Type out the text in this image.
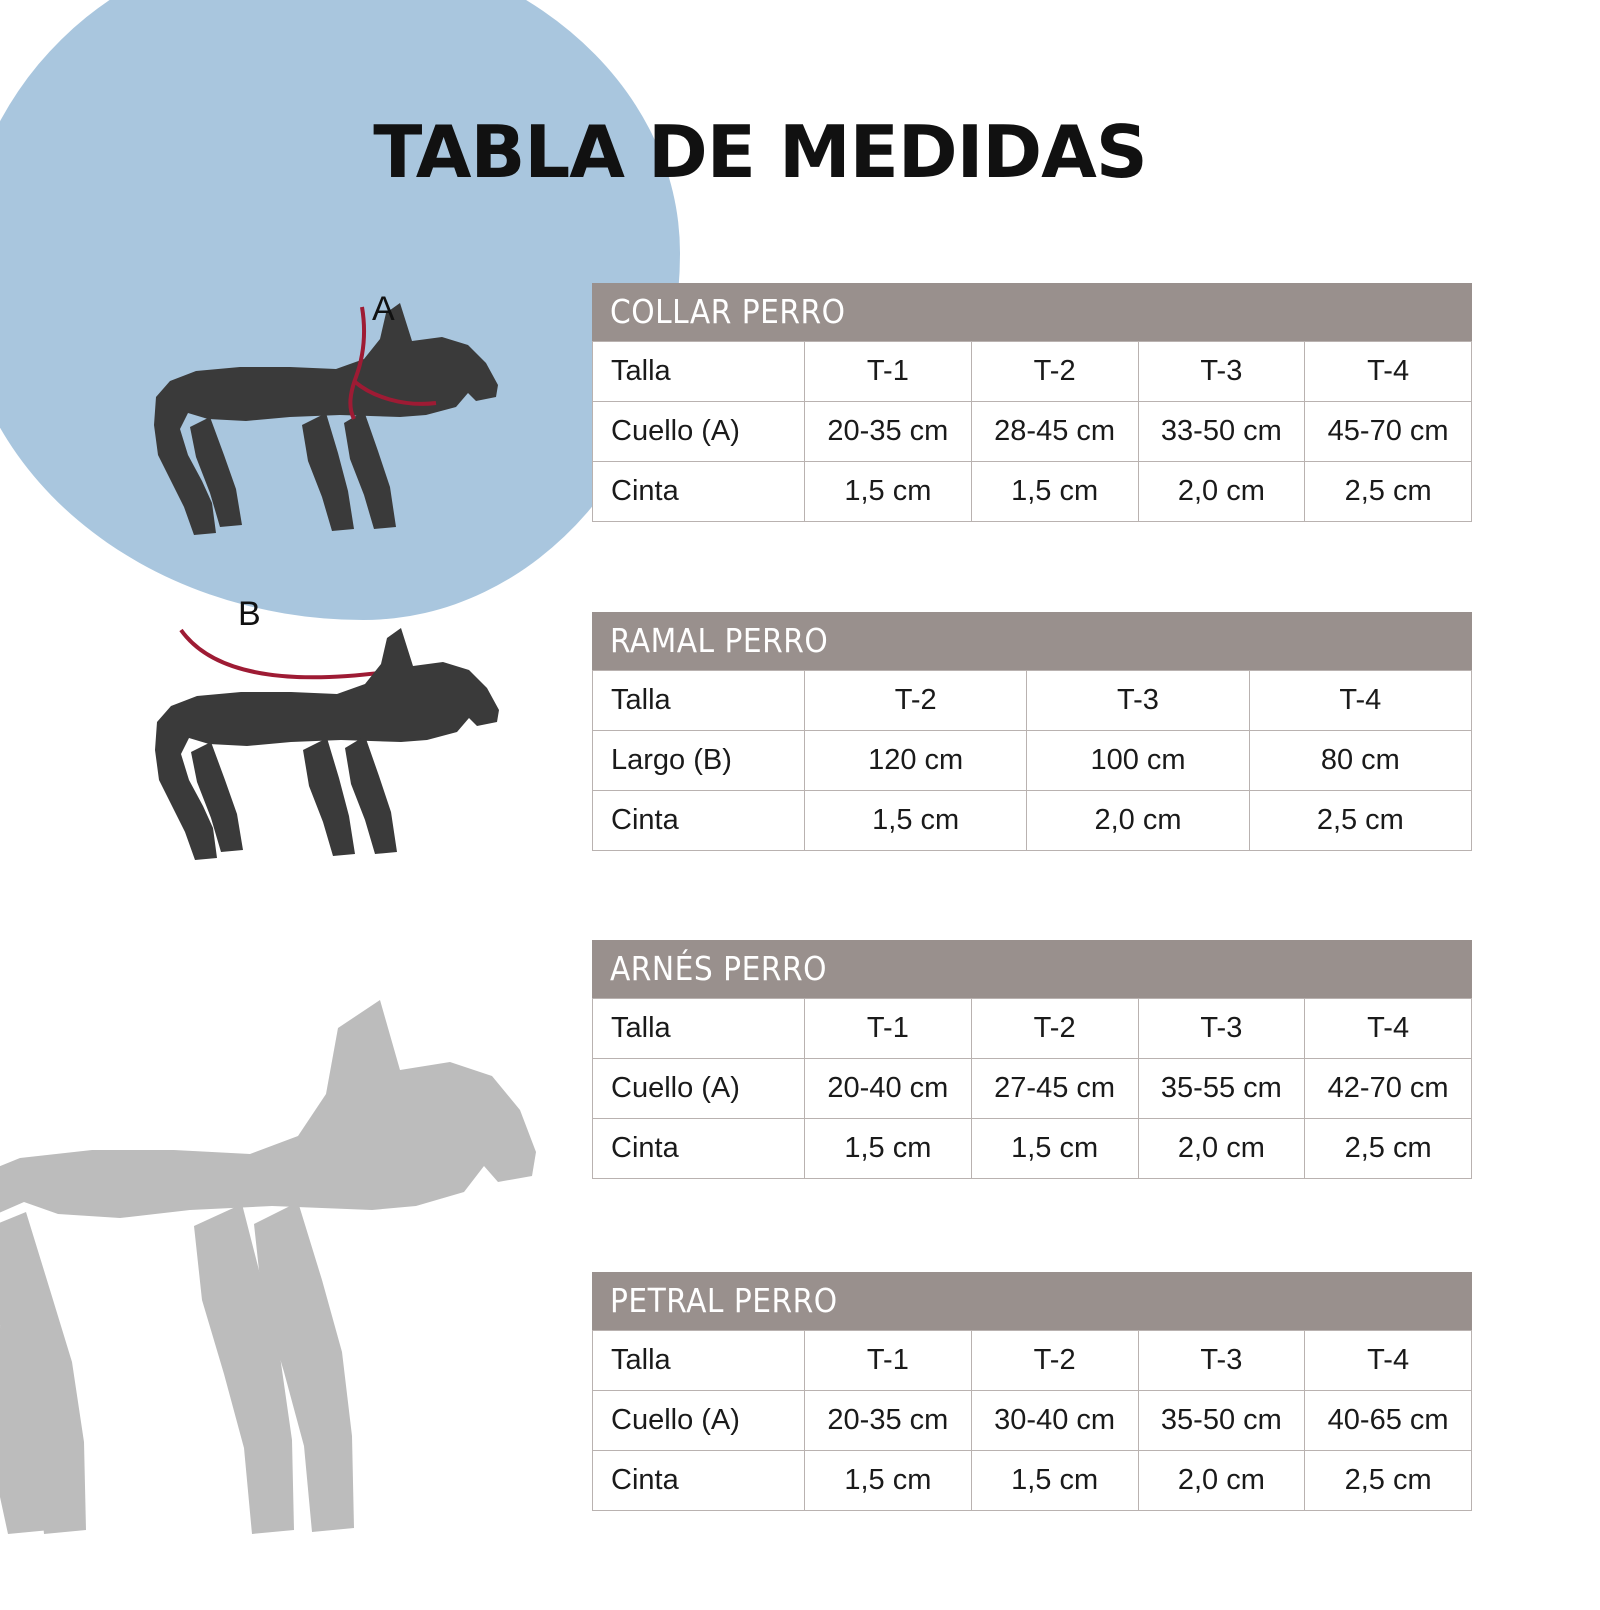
TABLA DE MEDIDAS
A
B
COLLAR PERRO
Talla	T-1	T-2	T-3	T-4
Cuello (A)	20-35 cm	28-45 cm	33-50 cm	45-70 cm
Cinta	1,5 cm	1,5 cm	2,0 cm	2,5 cm
RAMAL PERRO
Talla	T-2	T-3	T-4
Largo (B)	120 cm	100 cm	80 cm
Cinta	1,5 cm	2,0 cm	2,5 cm
ARNÉS PERRO
Talla	T-1	T-2	T-3	T-4
Cuello (A)	20-40 cm	27-45 cm	35-55 cm	42-70 cm
Cinta	1,5 cm	1,5 cm	2,0 cm	2,5 cm
PETRAL PERRO
Talla	T-1	T-2	T-3	T-4
Cuello (A)	20-35 cm	30-40 cm	35-50 cm	40-65 cm
Cinta	1,5 cm	1,5 cm	2,0 cm	2,5 cm
